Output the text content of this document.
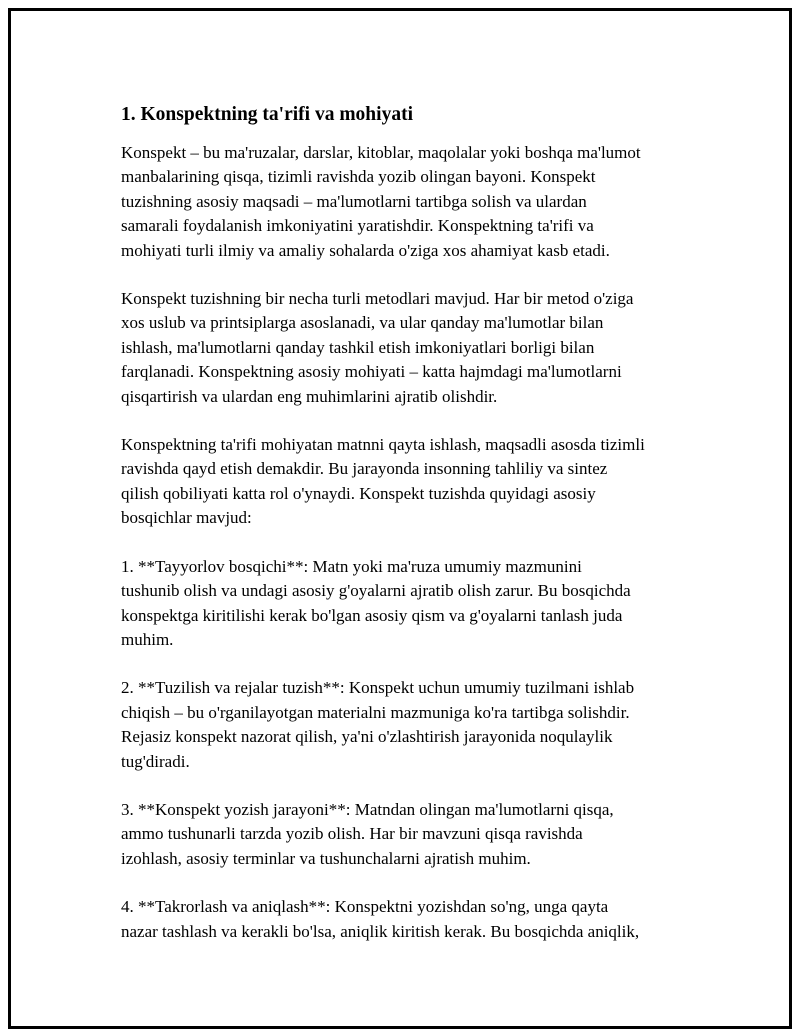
1. Konspektning ta'rifi va mohiyati
Konspekt – bu ma'ruzalar, darslar, kitoblar, maqolalar yoki boshqa ma'lumot
manbalarining qisqa, tizimli ravishda yozib olingan bayoni. Konspekt
tuzishning asosiy maqsadi – ma'lumotlarni tartibga solish va ulardan
samarali foydalanish imkoniyatini yaratishdir. Konspektning ta'rifi va
mohiyati turli ilmiy va amaliy sohalarda o'ziga xos ahamiyat kasb etadi.
Konspekt tuzishning bir necha turli metodlari mavjud. Har bir metod o'ziga
xos uslub va printsiplarga asoslanadi, va ular qanday ma'lumotlar bilan
ishlash, ma'lumotlarni qanday tashkil etish imkoniyatlari borligi bilan
farqlanadi. Konspektning asosiy mohiyati – katta hajmdagi ma'lumotlarni
qisqartirish va ulardan eng muhimlarini ajratib olishdir.
Konspektning ta'rifi mohiyatan matnni qayta ishlash, maqsadli asosda tizimli
ravishda qayd etish demakdir. Bu jarayonda insonning tahliliy va sintez
qilish qobiliyati katta rol o'ynaydi. Konspekt tuzishda quyidagi asosiy
bosqichlar mavjud:
1. **Tayyorlov bosqichi**: Matn yoki ma'ruza umumiy mazmunini
tushunib olish va undagi asosiy g'oyalarni ajratib olish zarur. Bu bosqichda
konspektga kiritilishi kerak bo'lgan asosiy qism va g'oyalarni tanlash juda
muhim.
2. **Tuzilish va rejalar tuzish**: Konspekt uchun umumiy tuzilmani ishlab
chiqish – bu o'rganilayotgan materialni mazmuniga ko'ra tartibga solishdir.
Rejasiz konspekt nazorat qilish, ya'ni o'zlashtirish jarayonida noqulaylik
tug'diradi.
3. **Konspekt yozish jarayoni**: Matndan olingan ma'lumotlarni qisqa,
ammo tushunarli tarzda yozib olish. Har bir mavzuni qisqa ravishda
izohlash, asosiy terminlar va tushunchalarni ajratish muhim.
4. **Takrorlash va aniqlash**: Konspektni yozishdan so'ng, unga qayta
nazar tashlash va kerakli bo'lsa, aniqlik kiritish kerak. Bu bosqichda aniqlik,
